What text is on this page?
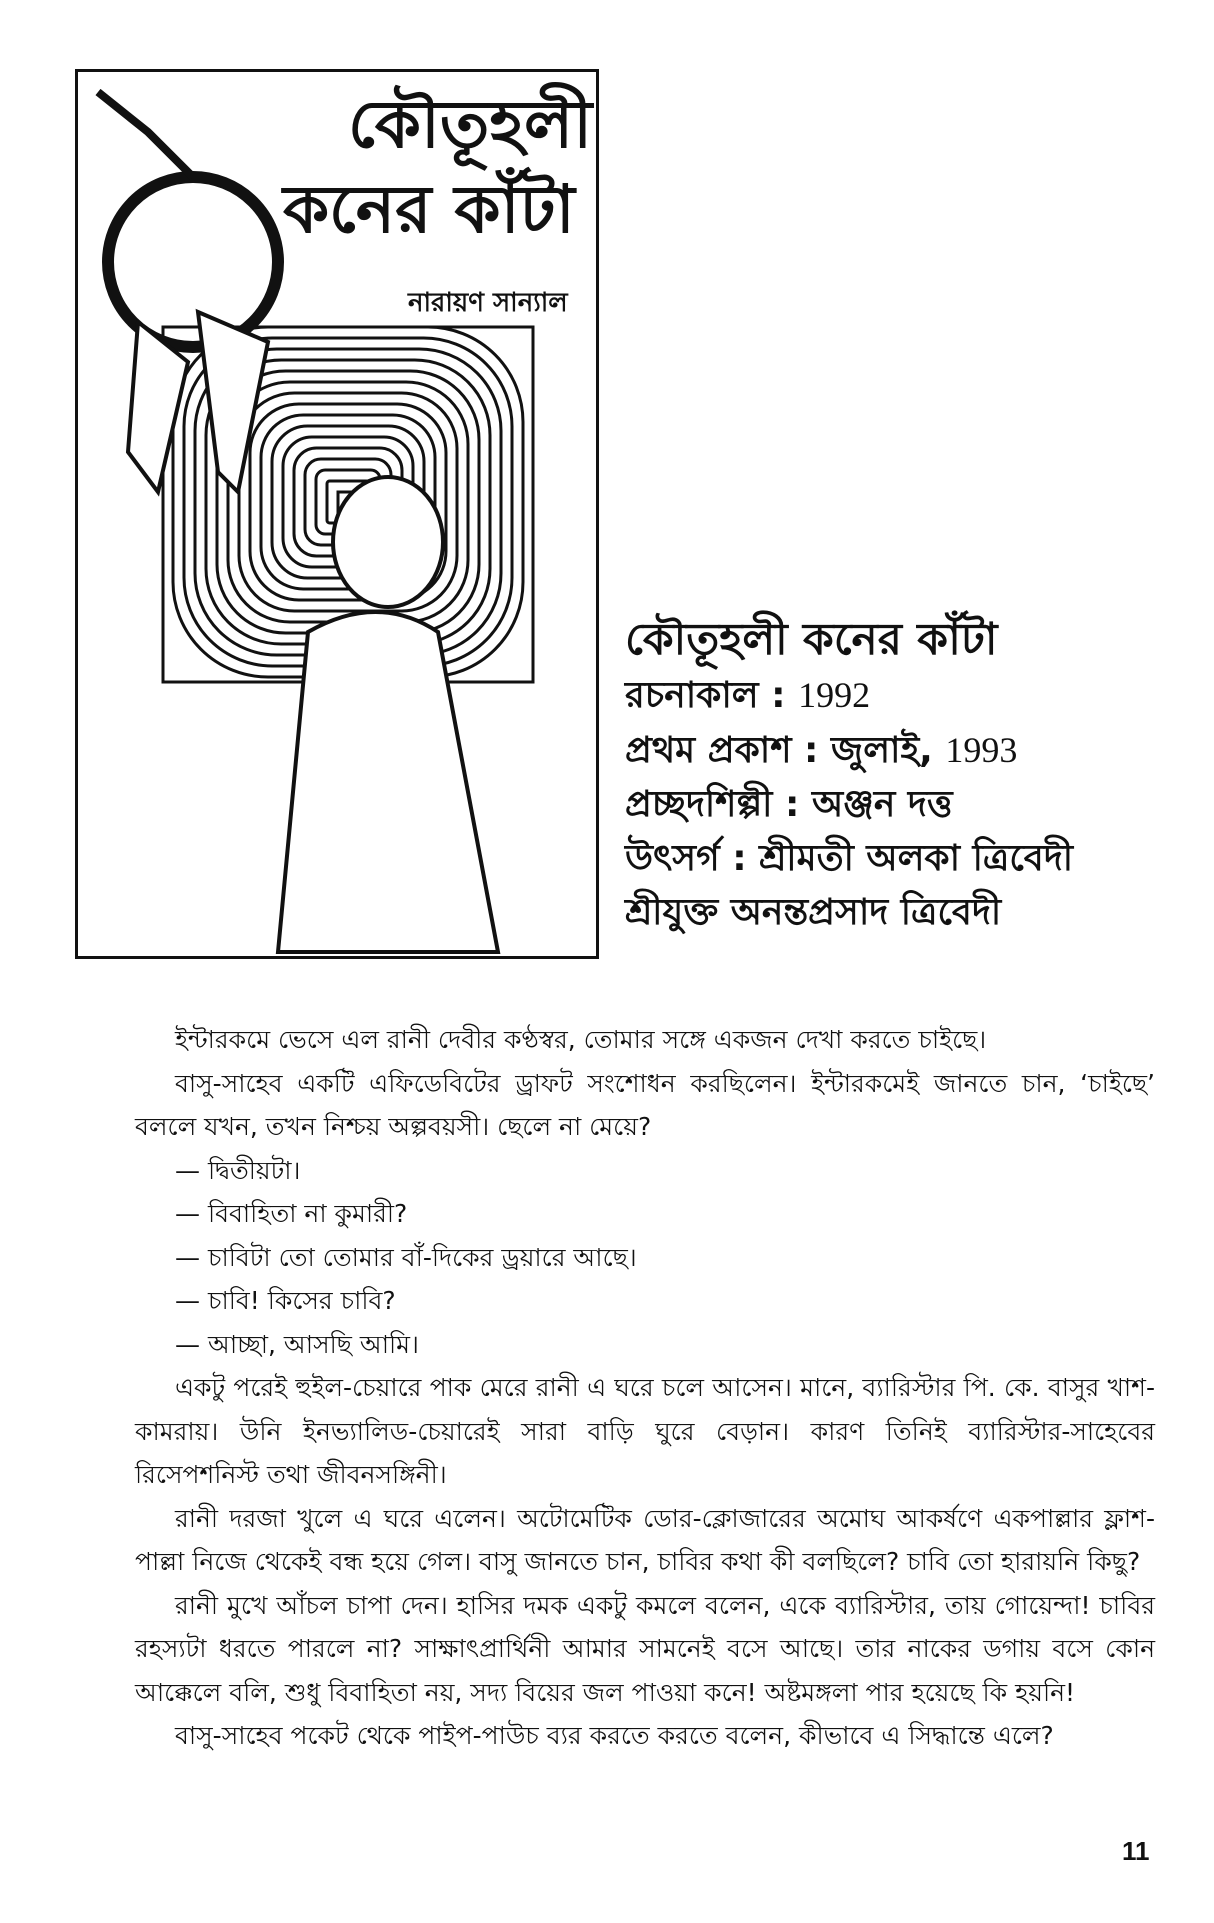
কৌতূহলী
কনের কাঁটা
নারায়ণ সান্যাল
কৌতূহলী কনের কাঁটা
রচনাকাল : 1992
প্রথম প্রকাশ : জুলাই, 1993
প্রচ্ছদশিল্পী : অঞ্জন দত্ত
উৎসর্গ : শ্রীমতী অলকা ত্রিবেদী
শ্রীযুক্ত অনন্তপ্রসাদ ত্রিবেদী

ইন্টারকমে ভেসে এল রানী দেবীর কণ্ঠস্বর, তোমার সঙ্গে একজন দেখা করতে চাইছে।

বাসু-সাহেব একটি এফিডেবিটের ড্রাফট সংশোধন করছিলেন। ইন্টারকমেই জানতে চান, ‘চাইছে’ বললে যখন, তখন নিশ্চয় অল্পবয়সী। ছেলে না মেয়ে?

— দ্বিতীয়টা।

— বিবাহিতা না কুমারী?

— চাবিটা তো তোমার বাঁ-দিকের ড্রয়ারে আছে।

— চাবি! কিসের চাবি?

— আচ্ছা, আসছি আমি।

একটু পরেই হুইল-চেয়ারে পাক মেরে রানী এ ঘরে চলে আসেন। মানে, ব্যারিস্টার পি. কে. বাসুর খাশ-কামরায়। উনি ইনভ্যালিড-চেয়ারেই সারা বাড়ি ঘুরে বেড়ান। কারণ তিনিই ব্যারিস্টার-সাহেবের রিসেপশনিস্ট তথা জীবনসঙ্গিনী।

রানী দরজা খুলে এ ঘরে এলেন। অটোমেটিক ডোর-ক্লোজারের অমোঘ আকর্ষণে একপাল্লার ফ্লাশ-পাল্লা নিজে থেকেই বন্ধ হয়ে গেল। বাসু জানতে চান, চাবির কথা কী বলছিলে? চাবি তো হারায়নি কিছু?

রানী মুখে আঁচল চাপা দেন। হাসির দমক একটু কমলে বলেন, একে ব্যারিস্টার, তায় গোয়েন্দা! চাবির রহস্যটা ধরতে পারলে না? সাক্ষাৎপ্রার্থিনী আমার সামনেই বসে আছে। তার নাকের ডগায় বসে কোন আক্কেলে বলি, শুধু বিবাহিতা নয়, সদ্য বিয়ের জল পাওয়া কনে! অষ্টমঙ্গলা পার হয়েছে কি হয়নি!

বাসু-সাহেব পকেট থেকে পাইপ-পাউচ ব্যর করতে করতে বলেন, কীভাবে এ সিদ্ধান্তে এলে?

11
